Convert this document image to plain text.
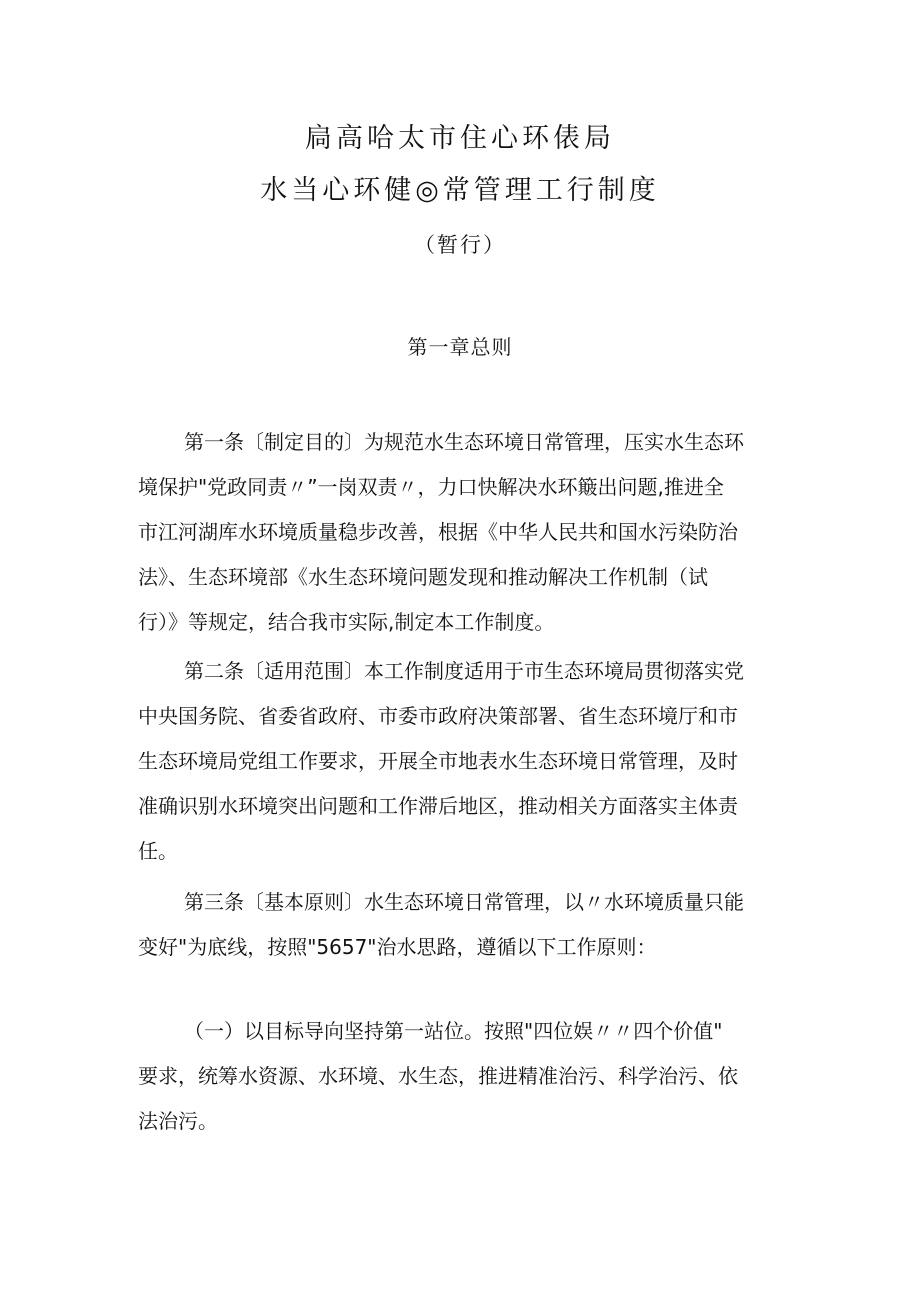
扃高哈太市住心环俵局
水当心环健◎常管理工行制度
（暂行）
第一章总则
第一条〔制定目的〕为规范水生态环境日常管理，压实水生态环
境保护"党政同责〃”一岗双责〃，力口快解决水环簸出问题,推进全
市江河湖库水环境质量稳步改善，根据《中华人民共和国水污染防治
法》、生态环境部《水生态环境问题发现和推动解决工作机制（试
行）》等规定，结合我市实际,制定本工作制度。
第二条〔适用范围〕本工作制度适用于市生态环境局贯彻落实党
中央国务院、省委省政府、市委市政府决策部署、省生态环境厅和市
生态环境局党组工作要求，开展全市地表水生态环境日常管理，及时
准确识别水环境突出问题和工作滞后地区，推动相关方面落实主体责
任。
第三条〔基本原则〕水生态环境日常管理，以〃水环境质量只能
变好"为底线，按照"5657"治水思路，遵循以下工作原则：
（一）以目标导向坚持第一站位。按照"四位娱〃〃四个价值"
要求，统筹水资源、水环境、水生态，推进精准治污、科学治污、依
法治污。
